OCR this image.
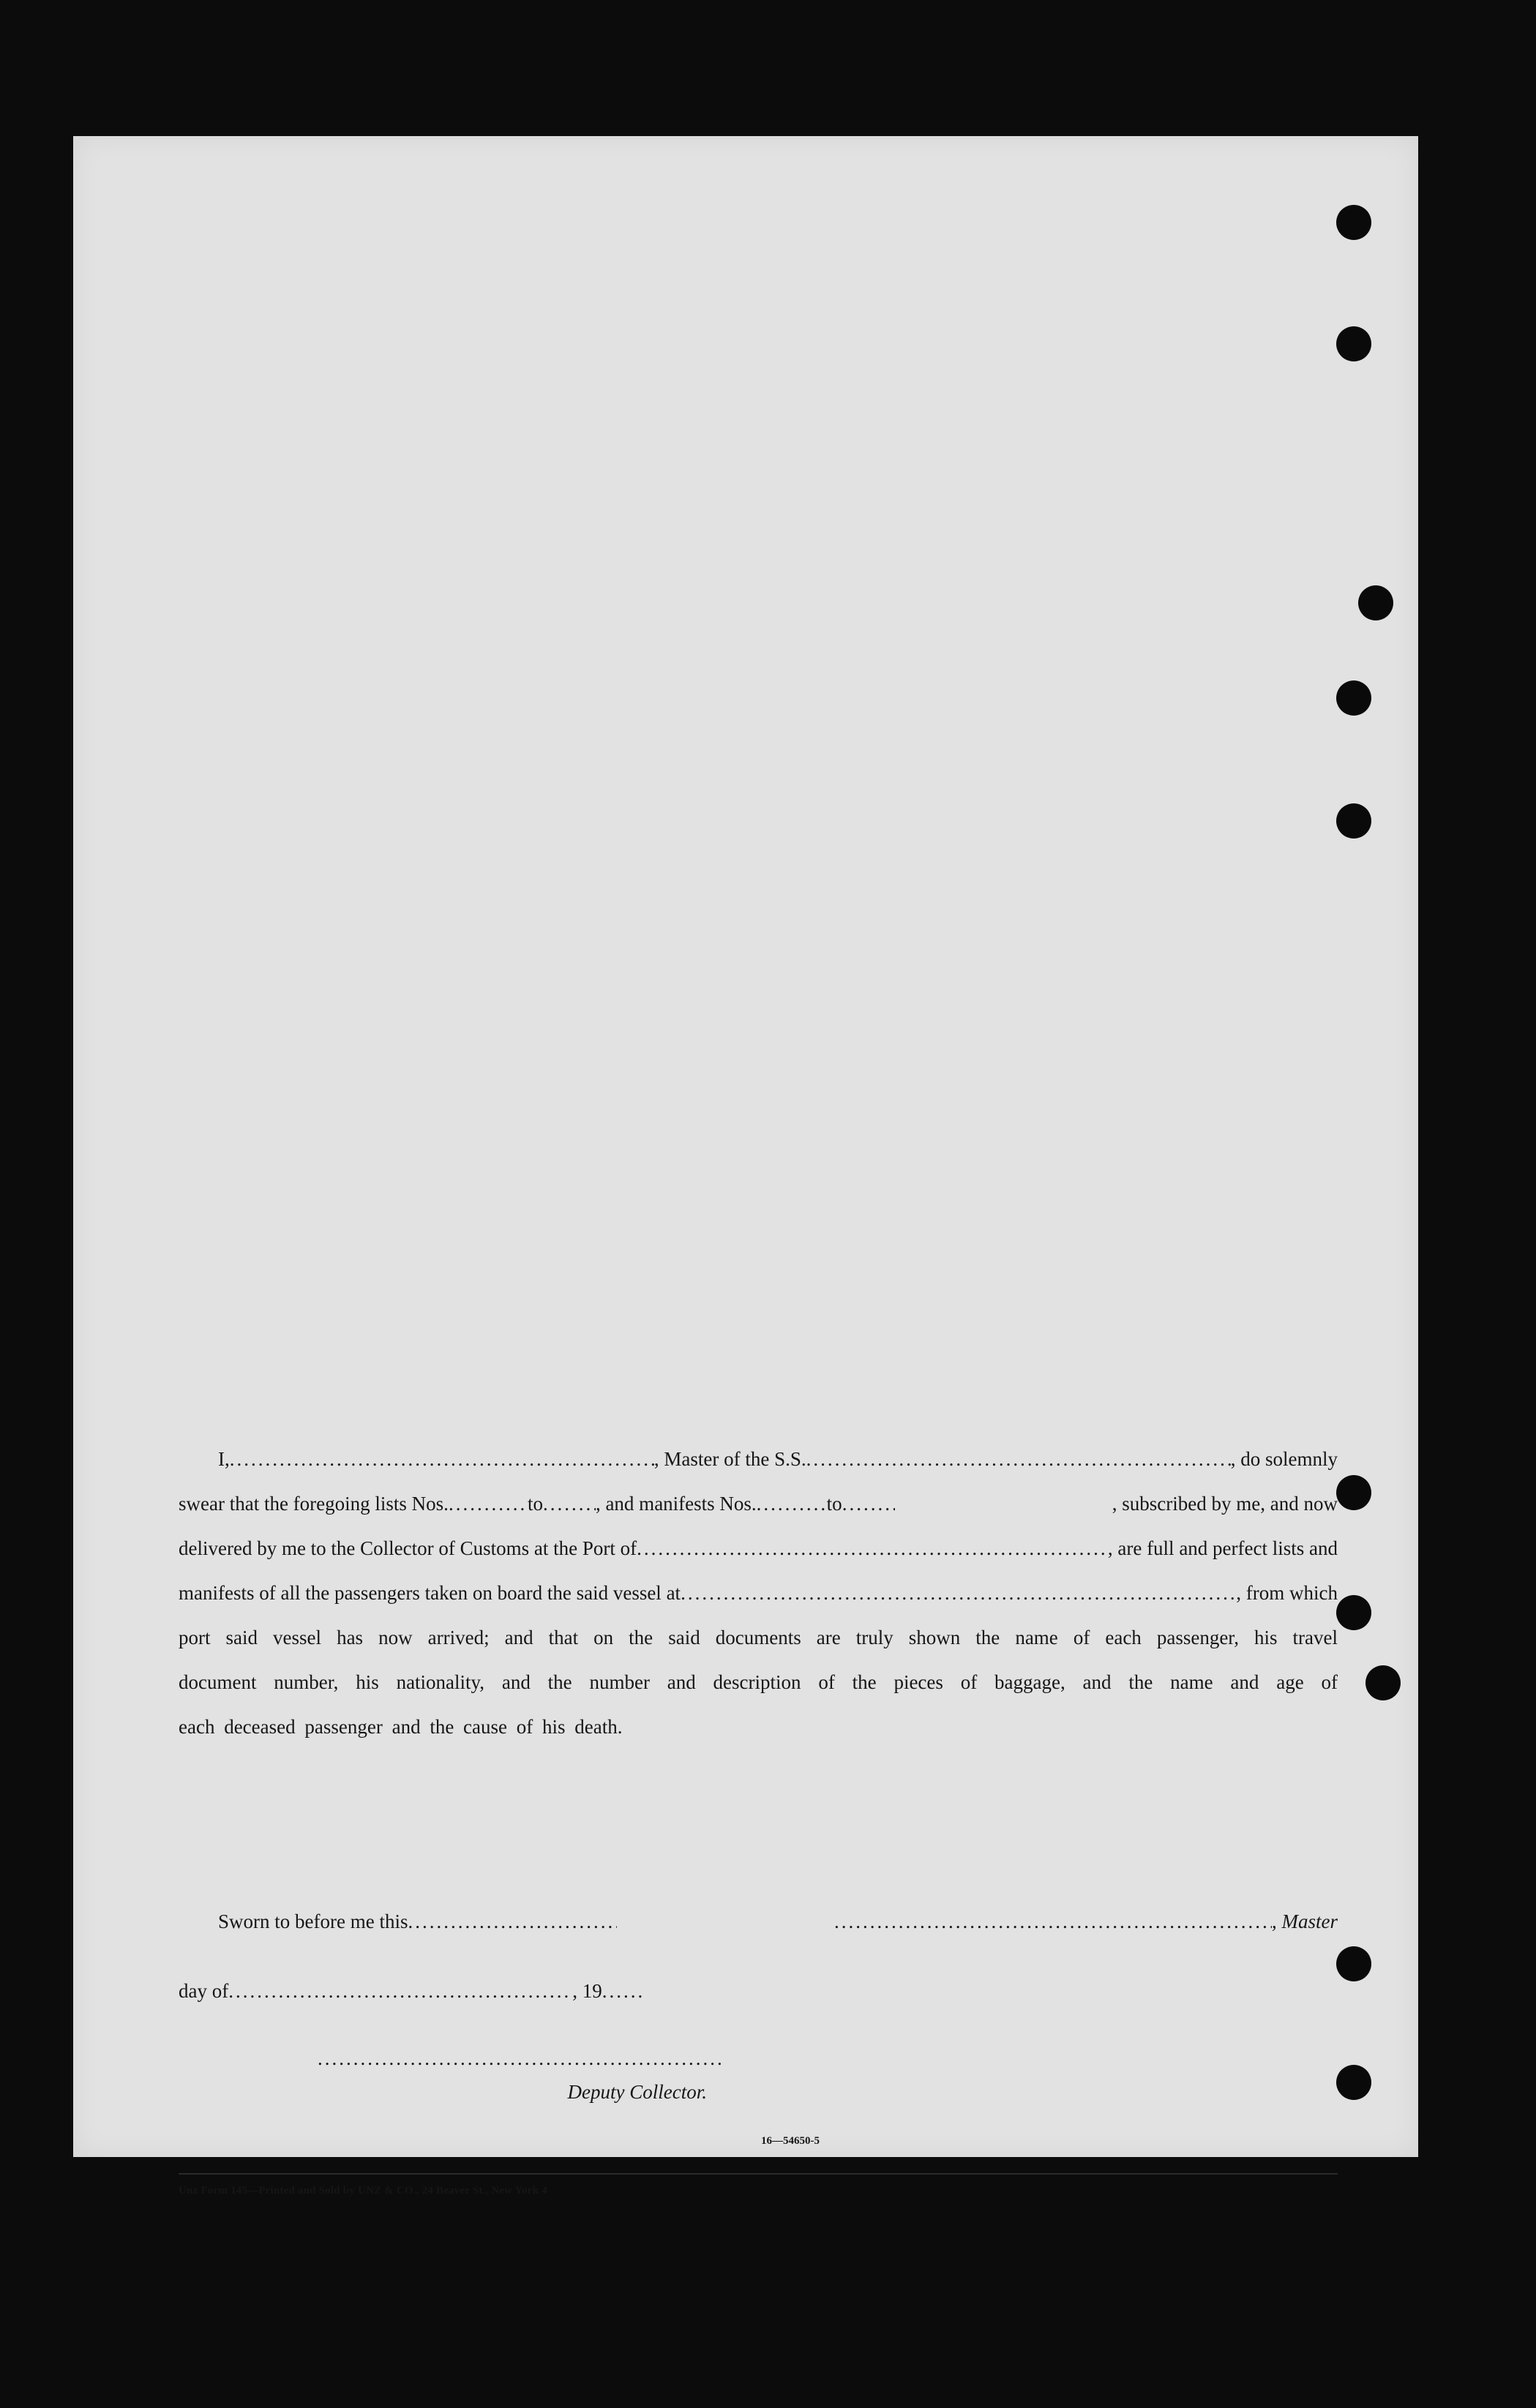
I, .....	, Master of the S.S. .....	, do solemnly
swear that the foregoing lists Nos. .....	to .....	, and manifests Nos. .....	to .....	, subscribed by me, and now
delivered by me to the Collector of Customs at the Port of .....	, are full and perfect lists and
manifests of all the passengers taken on board the said vessel at .....	, from which
port said vessel has now arrived; and that on the said documents are truly shown the name of each passenger, his travel
document number, his nationality, and the number and description of the pieces of baggage, and the name and age of
each deceased passenger and the cause of his death.
Sworn to before me this ..... .....	, Master
day of .....	, 19
.....
.....
Deputy Collector.
16—54650-5
Unz Form 145—Printed and Sold by UNZ & CO., 24 Beaver St., New York 4
